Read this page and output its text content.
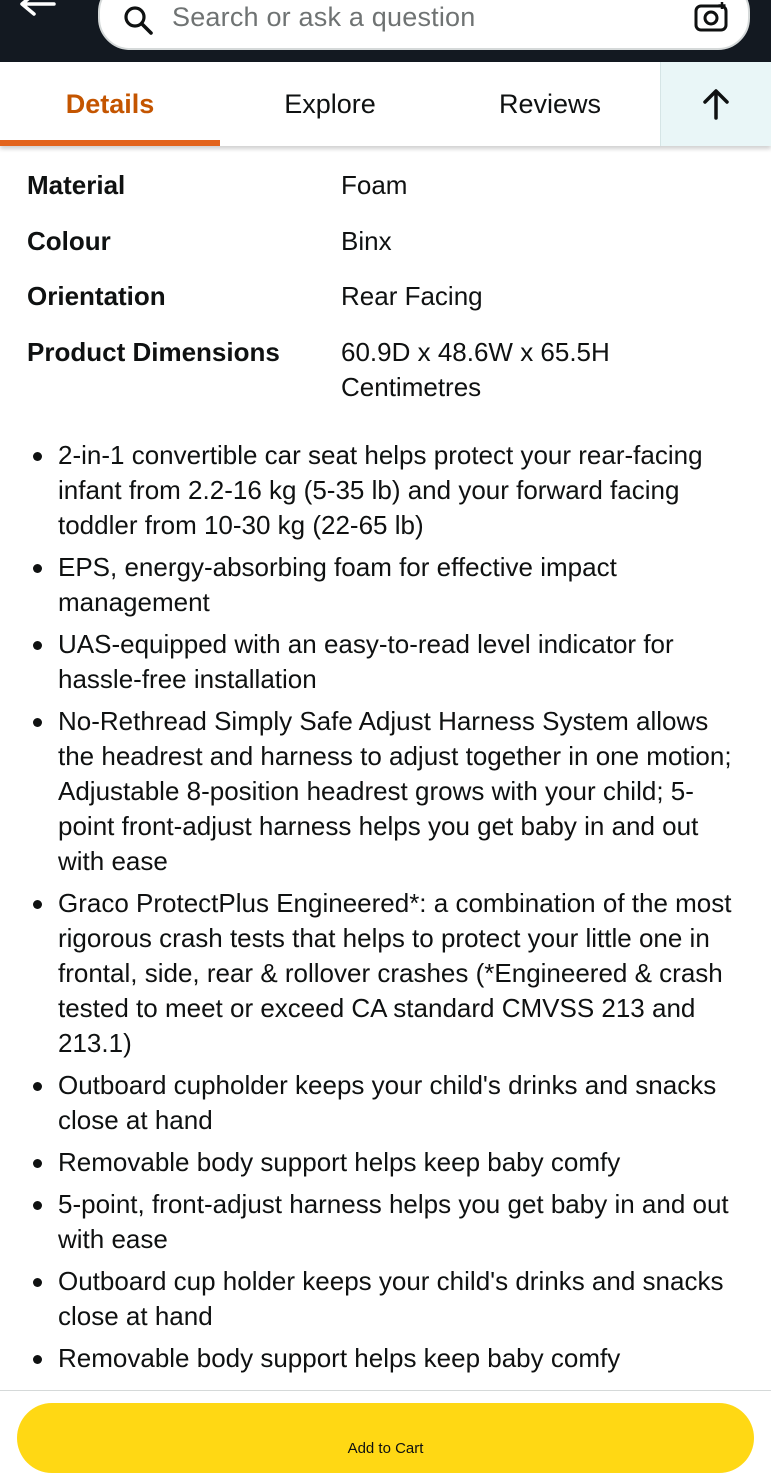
Search or ask a question
Details	Explore	Reviews
Material	Foam
Colour	Binx
Orientation	Rear Facing
Product Dimensions	60.9D x 48.6W x 65.5H Centimetres
2-in-1 convertible car seat helps protect your rear-facing infant from 2.2-16 kg (5-35 lb) and your forward facing toddler from 10-30 kg (22-65 lb)
EPS, energy-absorbing foam for effective impact management
UAS-equipped with an easy-to-read level indicator for hassle-free installation
No-Rethread Simply Safe Adjust Harness System allows the headrest and harness to adjust together in one motion; Adjustable 8-position headrest grows with your child; 5-point front-adjust harness helps you get baby in and out with ease
Graco ProtectPlus Engineered*: a combination of the most rigorous crash tests that helps to protect your little one in frontal, side, rear & rollover crashes (*Engineered & crash tested to meet or exceed CA standard CMVSS 213 and 213.1)
Outboard cupholder keeps your child's drinks and snacks close at hand
Removable body support helps keep baby comfy
5-point, front-adjust harness helps you get baby in and out with ease
Outboard cup holder keeps your child's drinks and snacks close at hand
Removable body support helps keep baby comfy
Add to Cart
